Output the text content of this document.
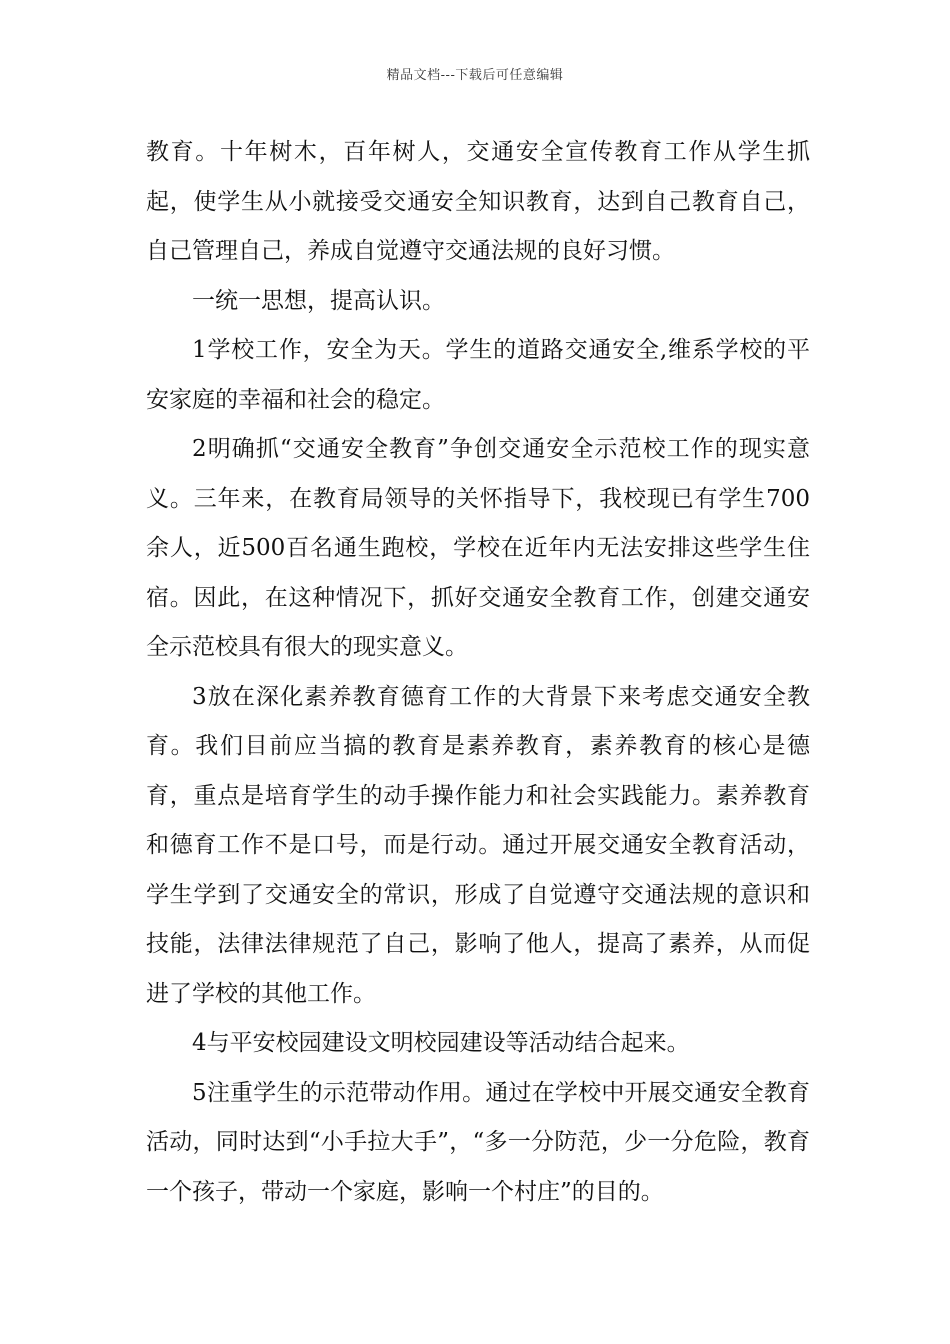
精品文档---下载后可任意编辑

教育。十年树木，百年树人，交通安全宣传教育工作从学生抓起，使学生从小就接受交通安全知识教育，达到自己教育自己，自己管理自己，养成自觉遵守交通法规的良好习惯。

一统一思想，提高认识。

1学校工作，安全为天。学生的道路交通安全,维系学校的平安家庭的幸福和社会的稳定。

2明确抓“交通安全教育”争创交通安全示范校工作的现实意义。三年来，在教育局领导的关怀指导下，我校现已有学生700余人，近500百名通生跑校，学校在近年内无法安排这些学生住宿。因此，在这种情况下，抓好交通安全教育工作，创建交通安全示范校具有很大的现实意义。

3放在深化素养教育德育工作的大背景下来考虑交通安全教育。我们目前应当搞的教育是素养教育，素养教育的核心是德育，重点是培育学生的动手操作能力和社会实践能力。素养教育和德育工作不是口号，而是行动。通过开展交通安全教育活动，学生学到了交通安全的常识，形成了自觉遵守交通法规的意识和技能，法律法律规范了自己，影响了他人，提高了素养，从而促进了学校的其他工作。

4与平安校园建设文明校园建设等活动结合起来。

5注重学生的示范带动作用。通过在学校中开展交通安全教育活动，同时达到“小手拉大手”，“多一分防范，少一分危险，教育一个孩子，带动一个家庭，影响一个村庄”的目的。
